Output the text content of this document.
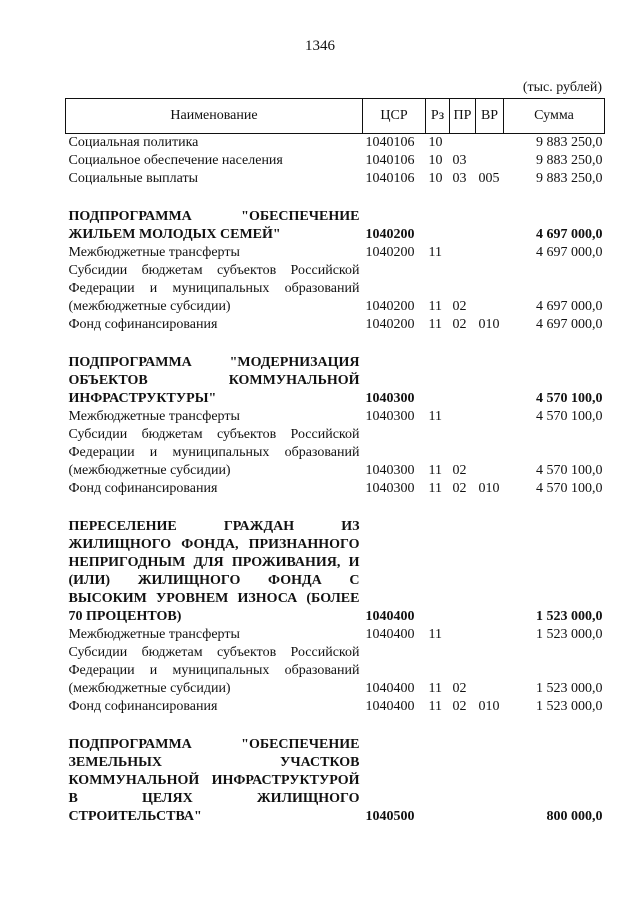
1346
(тыс. рублей)
Наименование	ЦСР	Рз	ПР	ВР	Сумма
Социальная политика	1040106	10			9 883 250,0
Социальное обеспечение населения	1040106	10	03		9 883 250,0
Социальные выплаты	1040106	10	03	005	9 883 250,0

ПОДПРОГРАММА "ОБЕСПЕЧЕНИЕ ЖИЛЬЕМ МОЛОДЫХ СЕМЕЙ"	1040200				4 697 000,0
Межбюджетные трансферты	1040200	11			4 697 000,0
Субсидии бюджетам субъектов Российской Федерации и муниципальных образований (межбюджетные субсидии)	1040200	11	02		4 697 000,0
Фонд софинансирования	1040200	11	02	010	4 697 000,0

ПОДПРОГРАММА "МОДЕРНИЗАЦИЯ ОБЪЕКТОВ КОММУНАЛЬНОЙ ИНФРАСТРУКТУРЫ"	1040300				4 570 100,0
Межбюджетные трансферты	1040300	11			4 570 100,0
Субсидии бюджетам субъектов Российской Федерации и муниципальных образований (межбюджетные субсидии)	1040300	11	02		4 570 100,0
Фонд софинансирования	1040300	11	02	010	4 570 100,0

ПЕРЕСЕЛЕНИЕ ГРАЖДАН ИЗ ЖИЛИЩНОГО ФОНДА, ПРИЗНАННОГО НЕПРИГОДНЫМ ДЛЯ ПРОЖИВАНИЯ, И (ИЛИ) ЖИЛИЩНОГО ФОНДА С ВЫСОКИМ УРОВНЕМ ИЗНОСА (БОЛЕЕ 70 ПРОЦЕНТОВ)	1040400				1 523 000,0
Межбюджетные трансферты	1040400	11			1 523 000,0
Субсидии бюджетам субъектов Российской Федерации и муниципальных образований (межбюджетные субсидии)	1040400	11	02		1 523 000,0
Фонд софинансирования	1040400	11	02	010	1 523 000,0

ПОДПРОГРАММА "ОБЕСПЕЧЕНИЕ ЗЕМЕЛЬНЫХ УЧАСТКОВ КОММУНАЛЬНОЙ ИНФРАСТРУКТУРОЙ В ЦЕЛЯХ ЖИЛИЩНОГО СТРОИТЕЛЬСТВА"	1040500				800 000,0
